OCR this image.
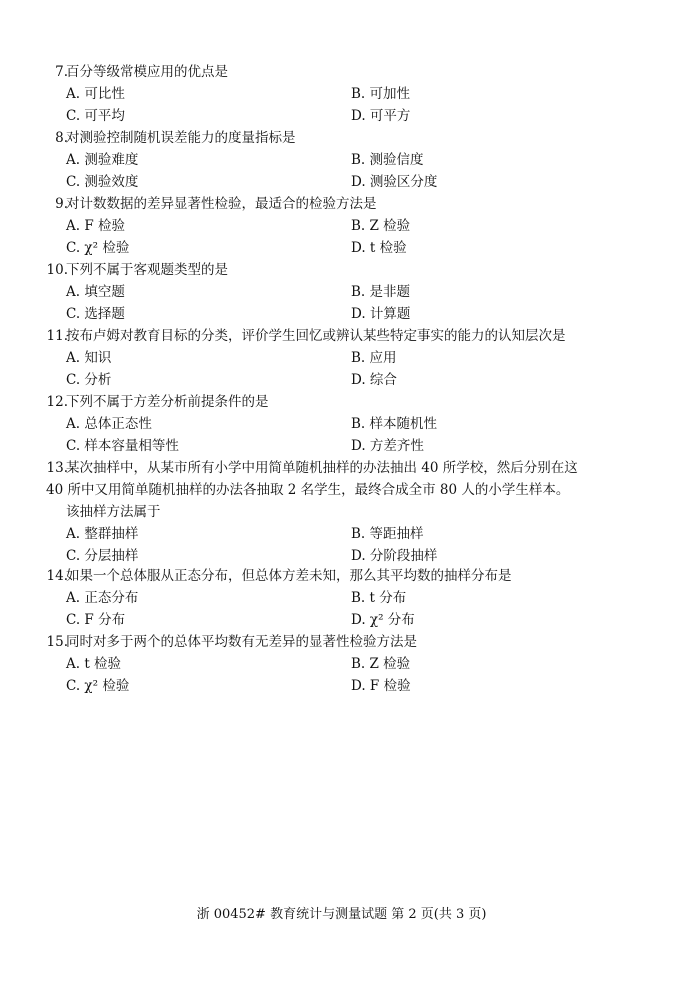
7.
百分等级常模应用的优点是
A. 可比性	B. 可加性
C. 可平均	D. 可平方
8.
对测验控制随机误差能力的度量指标是
A. 测验难度	B. 测验信度
C. 测验效度	D. 测验区分度
9.
对计数数据的差异显著性检验，最适合的检验方法是
A. F 检验	B. Z 检验
C. χ² 检验	D. t 检验
10.
下列不属于客观题类型的是
A. 填空题	B. 是非题
C. 选择题	D. 计算题
11.
按布卢姆对教育目标的分类，评价学生回忆或辨认某些特定事实的能力的认知层次是
A. 知识	B. 应用
C. 分析	D. 综合
12.
下列不属于方差分析前提条件的是
A. 总体正态性	B. 样本随机性
C. 样本容量相等性	D. 方差齐性
13.
某次抽样中，从某市所有小学中用简单随机抽样的办法抽出 40 所学校，然后分别在这
40 所中又用简单随机抽样的办法各抽取 2 名学生，最终合成全市 80 人的小学生样本。
该抽样方法属于
A. 整群抽样	B. 等距抽样
C. 分层抽样	D. 分阶段抽样
14.
如果一个总体服从正态分布，但总体方差未知，那么其平均数的抽样分布是
A. 正态分布	B. t 分布
C. F 分布	D. χ² 分布
15.
同时对多于两个的总体平均数有无差异的显著性检验方法是
A. t 检验	B. Z 检验
C. χ² 检验	D. F 检验
浙 00452# 教育统计与测量试题 第 2 页(共 3 页)
